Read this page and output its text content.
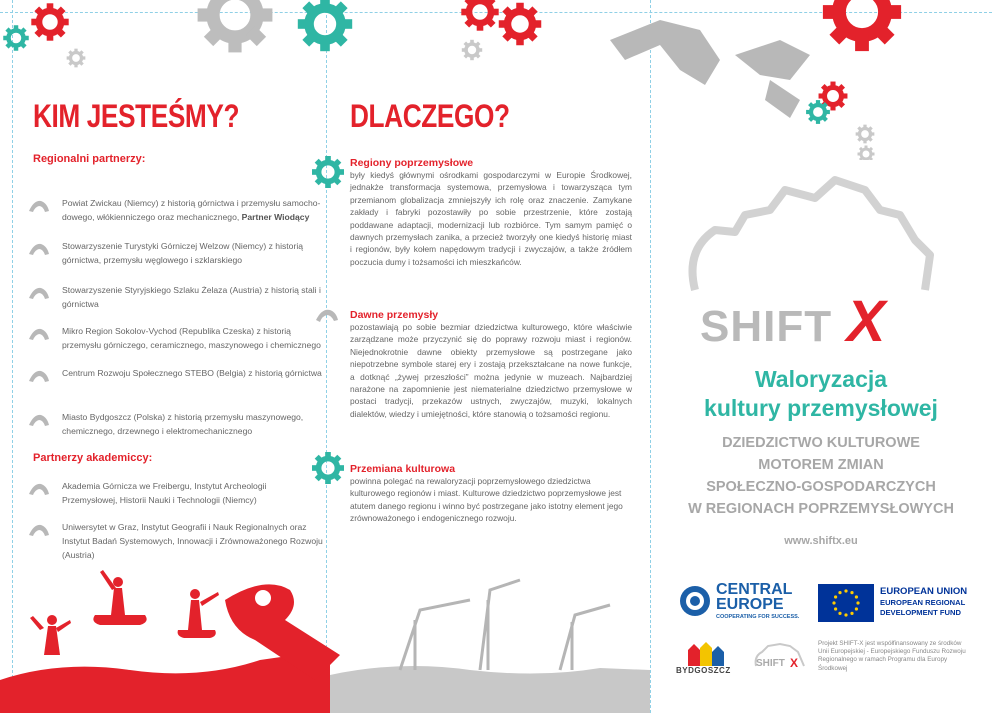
KIM JESTEŚMY?
Regionalni partnerzy:
Powiat Zwickau (Niemcy) z historią górnictwa i przemysłu samocho-dowego, włókienniczego oraz mechanicznego, Partner Wiodący
Stowarzyszenie Turystyki Górniczej Welzow (Niemcy) z historią górnictwa, przemysłu węglowego i szklarskiego
Stowarzyszenie Styryjskiego Szlaku Żelaza (Austria) z historią stali i górnictwa
Mikro Region Sokolov-Vychod (Republika Czeska) z historią przemysłu górniczego, ceramicznego, maszynowego i chemicznego
Centrum Rozwoju Społecznego STEBO (Belgia) z historią górnictwa
Miasto Bydgoszcz (Polska) z historią przemysłu maszynowego, chemicznego, drzewnego i elektromechanicznego
Partnerzy akademiccy:
Akademia Górnicza we Freibergu, Instytut Archeologii Przemysłowej, Historii Nauki i Technologii (Niemcy)
Uniwersytet w Graz, Instytut Geografii i Nauk Regionalnych oraz Instytut Badań Systemowych, Innowacji i Zrównoważonego Rozwoju (Austria)
DLACZEGO?
Regiony poprzemysłowe
były kiedyś głównymi ośrodkami gospodarczymi w Europie Środkowej, jednakże transformacja systemowa, przemysłowa i towarzysząca tym przemianom globalizacja zmniejszyły ich rolę oraz znaczenie. Zamykane zakłady i fabryki pozostawiły po sobie przestrzenie, które zostają poddawane adaptacji, modernizacji lub rozbiórce. Tym samym pamięć o dawnych przemysłach zanika, a przecież tworzyły one kiedyś historię miast i regionów, były kołem napędowym tradycji i zwyczajów, a także źródłem poczucia dumy i tożsamości ich mieszkańców.
Dawne przemysły
pozostawiają po sobie bezmiar dziedzictwa kulturowego, które właściwie zarządzane może przyczynić się do poprawy rozwoju miast i regionów. Niejednokrotnie dawne obiekty przemysłowe są postrzegane jako niepotrzebne symbole starej ery i zostają przekształcane na nowe funkcje, a dotknąć „żywej przeszłości” można jedynie w muzeach. Najbardziej narażone na zapomnienie jest niematerialne dziedzictwo przemysłowe w postaci tradycji, przekazów ustnych, zwyczajów, muzyki, lokalnych dialektów, wiedzy i umiejętności, które stanowią o tożsamości regionu.
Przemiana kulturowa
powinna polegać na rewaloryzacji poprzemysłowego dziedzictwa kulturowego regionów i miast. Kulturowe dziedzictwo poprzemysłowe jest atutem danego regionu i winno być postrzegane jako istotny element jego zrównoważonego i endogenicznego rozwoju.
SHIFT X
Waloryzacja
kultury przemysłowej
DZIEDZICTWO KULTUROWE
MOTOREM ZMIAN
SPOŁECZNO-GOSPODARCZYCH
W REGIONACH POPRZEMYSŁOWYCH
www.shiftx.eu
CENTRAL
EUROPE
COOPERATING FOR SUCCESS.
EUROPEAN UNION
EUROPEAN REGIONAL
DEVELOPMENT FUND
BYDGOSZCZ
SHIFT X
Projekt SHIFT-X jest współfinansowany ze środków Unii Europejskiej - Europejskiego Funduszu Rozwoju Regionalnego w ramach Programu dla Europy Środkowej
